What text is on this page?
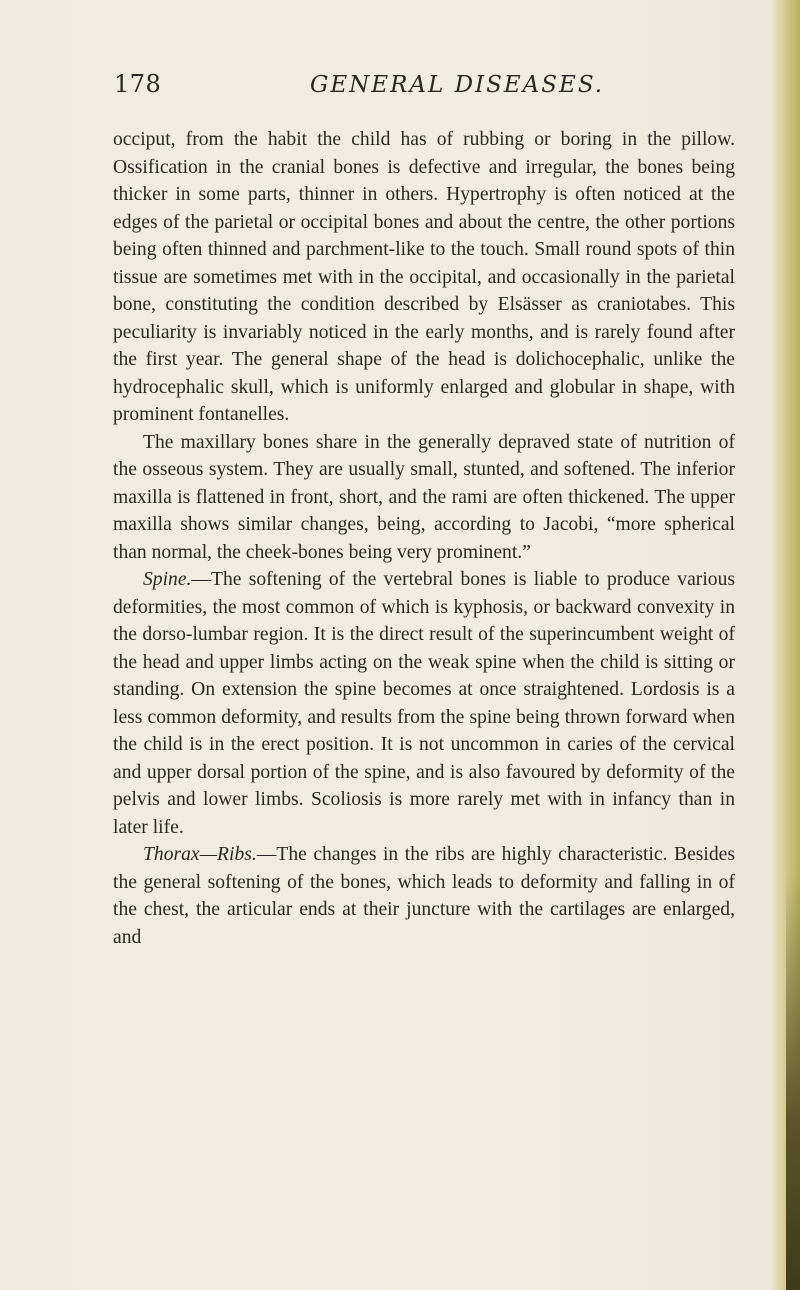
178	GENERAL DISEASES.

occiput, from the habit the child has of rubbing or boring in the pillow. Ossification in the cranial bones is defective and irregular, the bones being thicker in some parts, thinner in others. Hypertrophy is often noticed at the edges of the parietal or occipital bones and about the centre, the other portions being often thinned and parchment-like to the touch. Small round spots of thin tissue are sometimes met with in the occipital, and occasionally in the parietal bone, constituting the condition described by Elsässer as craniotabes. This peculiarity is invariably noticed in the early months, and is rarely found after the first year. The general shape of the head is dolichocephalic, unlike the hydrocephalic skull, which is uniformly enlarged and globular in shape, with prominent fontanelles.

The maxillary bones share in the generally depraved state of nutrition of the osseous system. They are usually small, stunted, and softened. The inferior maxilla is flattened in front, short, and the rami are often thickened. The upper maxilla shows similar changes, being, according to Jacobi, “more spherical than normal, the cheek-bones being very prominent.”

Spine.—The softening of the vertebral bones is liable to produce various deformities, the most common of which is kyphosis, or backward convexity in the dorso-lumbar region. It is the direct result of the superincumbent weight of the head and upper limbs acting on the weak spine when the child is sitting or standing. On extension the spine becomes at once straightened. Lordosis is a less common deformity, and results from the spine being thrown forward when the child is in the erect position. It is not uncommon in caries of the cervical and upper dorsal portion of the spine, and is also favoured by deformity of the pelvis and lower limbs. Scoliosis is more rarely met with in infancy than in later life.

Thorax—Ribs.—The changes in the ribs are highly characteristic. Besides the general softening of the bones, which leads to deformity and falling in of the chest, the articular ends at their juncture with the cartilages are enlarged, and
